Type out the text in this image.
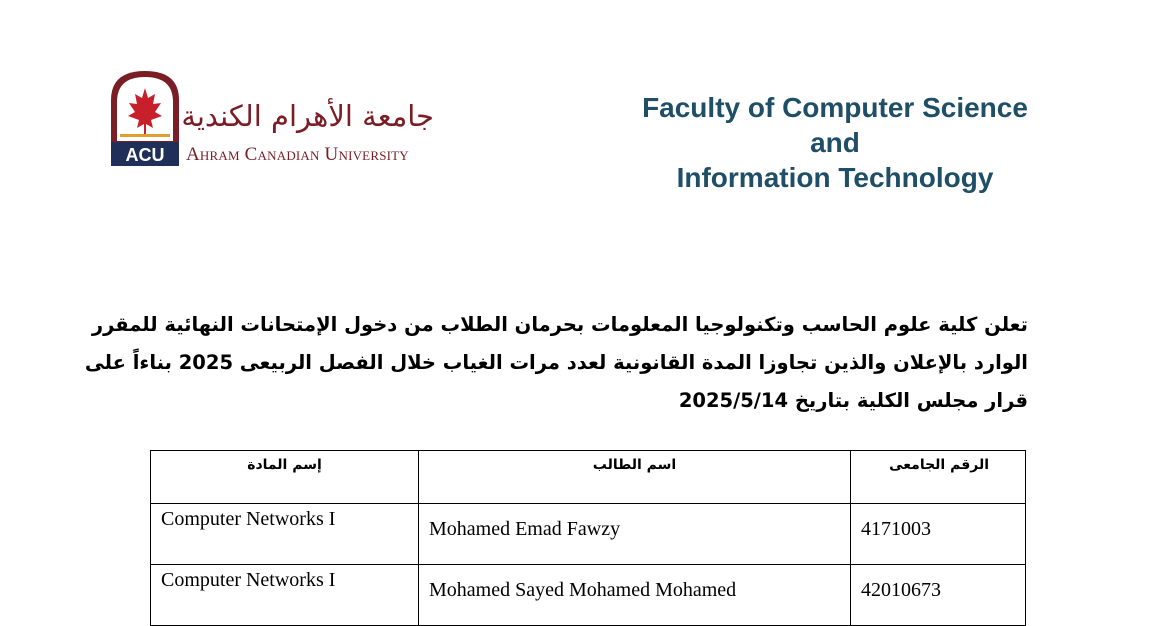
ACU
جامعة الأهرام الكندية
Ahram Canadian University
Faculty of Computer Science
and
Information Technology
تعلن كلية علوم الحاسب وتكنولوجيا المعلومات بحرمان الطلاب من دخول الإمتحانات النهائية للمقرر
الوارد بالإعلان والذين تجاوزا المدة القانونية لعدد مرات الغياب خلال الفصل الربيعى 2025 بناءاً على
قرار مجلس الكلية بتاريخ 2025/5/14
الرقم الجامعى	اسم الطالب	إسم المادة
4171003	Mohamed Emad Fawzy	Computer Networks I
42010673	Mohamed Sayed Mohamed Mohamed	Computer Networks I
